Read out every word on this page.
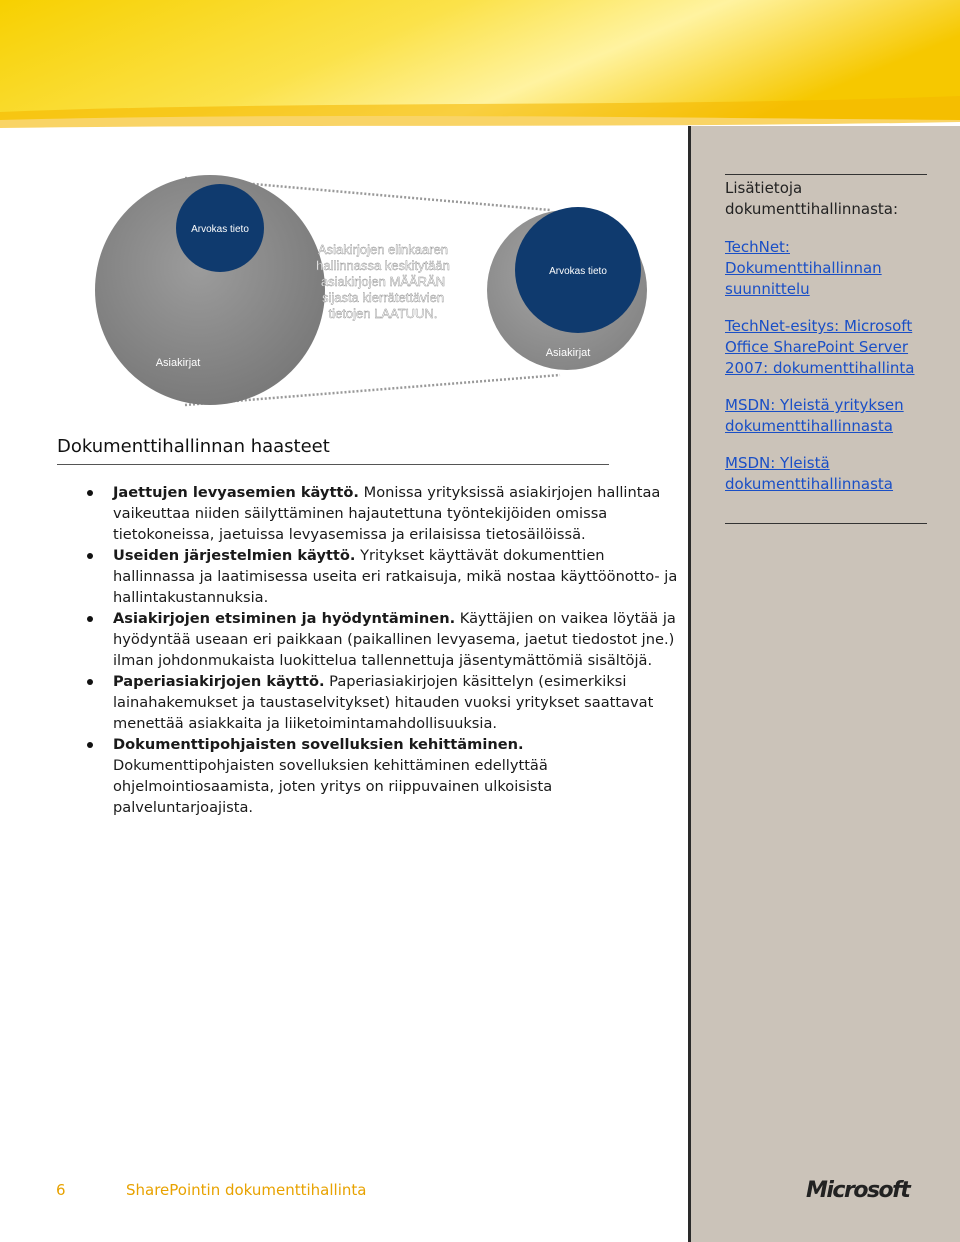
Arvokas tieto
Asiakirjat
Arvokas tieto
Asiakirjat
Asiakirjojen elinkaaren
hallinnassa keskitytään
asiakirjojen MÄÄRÄN
sijasta kierrätettävien
tietojen LAATUUN.
Dokumenttihallinnan haasteet
Jaettujen levyasemien käyttö. Monissa yrityksissä asiakirjojen hallintaa vaikeuttaa niiden säilyttäminen hajautettuna työntekijöiden omissa tietokoneissa, jaetuissa levyasemissa ja erilaisissa tietosäilöissä.
Useiden järjestelmien käyttö. Yritykset käyttävät dokumenttien hallinnassa ja laatimisessa useita eri ratkaisuja, mikä nostaa käyttöönotto- ja hallintakustannuksia.
Asiakirjojen etsiminen ja hyödyntäminen. Käyttäjien on vaikea löytää ja hyödyntää useaan eri paikkaan (paikallinen levyasema, jaetut tiedostot jne.) ilman johdonmukaista luokittelua tallennettuja jäsentymättömiä sisältöjä.
Paperiasiakirjojen käyttö. Paperiasiakirjojen käsittelyn (esimerkiksi lainahakemukset ja taustaselvitykset) hitauden vuoksi yritykset saattavat menettää asiakkaita ja liiketoimintamahdollisuuksia.
Dokumenttipohjaisten sovelluksien kehittäminen. Dokumenttipohjaisten sovelluksien kehittäminen edellyttää ohjelmointiosaamista, joten yritys on riippuvainen ulkoisista palveluntarjoajista.
Lisätietoja dokumenttihallinnasta:
TechNet: Dokumenttihallinnan suunnittelu
TechNet-esitys: Microsoft Office SharePoint Server 2007: dokumenttihallinta
MSDN: Yleistä yrityksen dokumenttihallinnasta
MSDN: Yleistä dokumenttihallinnasta
6	SharePointin dokumenttihallinta	Microsoft
